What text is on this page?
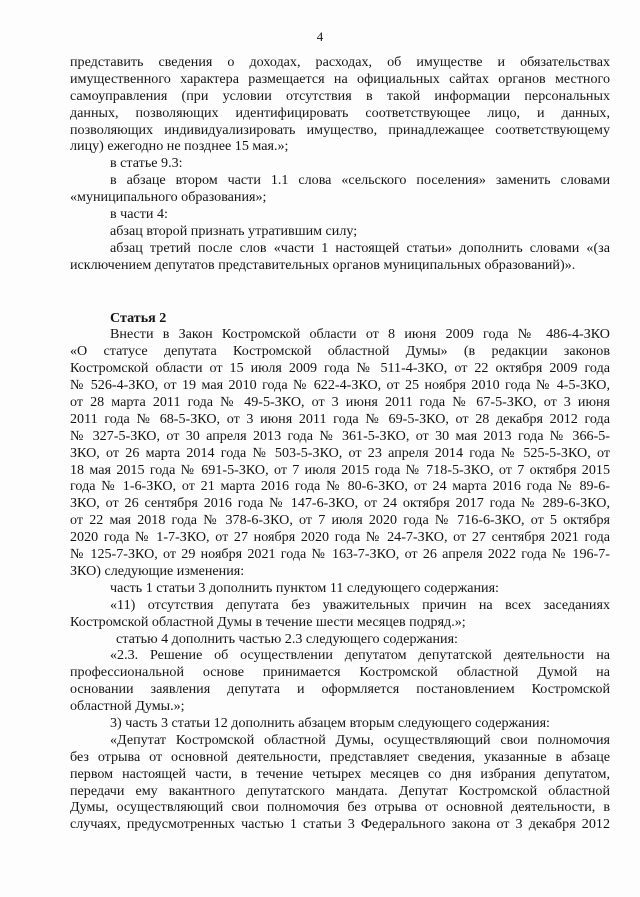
4
представить сведения о доходах, расходах, об имуществе и обязательствах
имущественного характера размещается на официальных сайтах органов местного
самоуправления (при условии отсутствия в такой информации персональных
данных, позволяющих идентифицировать соответствующее лицо, и данных,
позволяющих индивидуализировать имущество, принадлежащее соответствующему
лицу) ежегодно не позднее 15 мая.»;
в статье 9.3:
в абзаце втором части 1.1 слова «сельского поселения» заменить словами
«муниципального образования»;
в части 4:
абзац второй признать утратившим силу;
абзац третий после слов «части 1 настоящей статьи» дополнить словами «(за
исключением депутатов представительных органов муниципальных образований)».
Статья 2
Внести в Закон Костромской области от 8 июня 2009 года № 486-4-ЗКО
«О статусе депутата Костромской областной Думы» (в редакции законов
Костромской области от 15 июля 2009 года № 511-4-ЗКО, от 22 октября 2009 года
№ 526-4-ЗКО, от 19 мая 2010 года № 622-4-ЗКО, от 25 ноября 2010 года № 4-5-ЗКО,
от 28 марта 2011 года № 49-5-ЗКО, от 3 июня 2011 года № 67-5-ЗКО, от 3 июня
2011 года № 68-5-ЗКО, от 3 июня 2011 года № 69-5-ЗКО, от 28 декабря 2012 года
№ 327-5-ЗКО, от 30 апреля 2013 года № 361-5-ЗКО, от 30 мая 2013 года № 366-5-
ЗКО, от 26 марта 2014 года № 503-5-ЗКО, от 23 апреля 2014 года № 525-5-ЗКО, от
18 мая 2015 года № 691-5-ЗКО, от 7 июля 2015 года № 718-5-ЗКО, от 7 октября 2015
года № 1-6-ЗКО, от 21 марта 2016 года № 80-6-ЗКО, от 24 марта 2016 года № 89-6-
ЗКО, от 26 сентября 2016 года № 147-6-ЗКО, от 24 октября 2017 года № 289-6-ЗКО,
от 22 мая 2018 года № 378-6-ЗКО, от 7 июля 2020 года № 716-6-ЗКО, от 5 октября
2020 года № 1-7-ЗКО, от 27 ноября 2020 года № 24-7-ЗКО, от 27 сентября 2021 года
№ 125-7-ЗКО, от 29 ноября 2021 года № 163-7-ЗКО, от 26 апреля 2022 года № 196-7-
ЗКО) следующие изменения:
часть 1 статьи 3 дополнить пунктом 11 следующего содержания:
«11) отсутствия депутата без уважительных причин на всех заседаниях
Костромской областной Думы в течение шести месяцев подряд.»;
статью 4 дополнить частью 2.3 следующего содержания:
«2.3. Решение об осуществлении депутатом депутатской деятельности на
профессиональной основе принимается Костромской областной Думой на
основании заявления депутата и оформляется постановлением Костромской
областной Думы.»;
3) часть 3 статьи 12 дополнить абзацем вторым следующего содержания:
«Депутат Костромской областной Думы, осуществляющий свои полномочия
без отрыва от основной деятельности, представляет сведения, указанные в абзаце
первом настоящей части, в течение четырех месяцев со дня избрания депутатом,
передачи ему вакантного депутатского мандата. Депутат Костромской областной
Думы, осуществляющий свои полномочия без отрыва от основной деятельности, в
случаях, предусмотренных частью 1 статьи 3 Федерального закона от 3 декабря 2012
